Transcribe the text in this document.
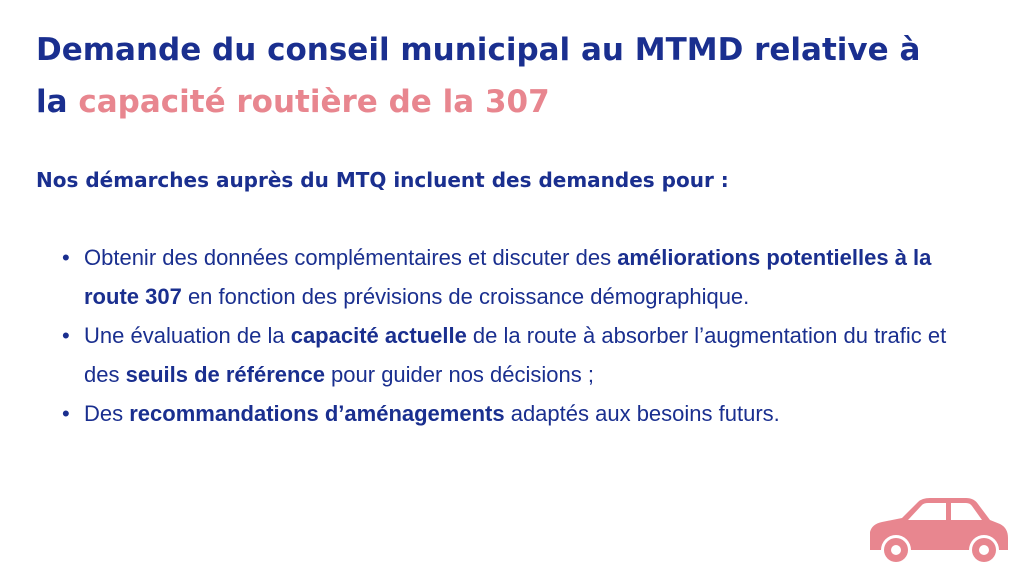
Demande du conseil municipal au MTMD relative à
la capacité routière de la 307

Nos démarches auprès du MTQ incluent des demandes pour :

• Obtenir des données complémentaires et discuter des améliorations potentielles à la route 307 en fonction des prévisions de croissance démographique.
• Une évaluation de la capacité actuelle de la route à absorber l’augmentation du trafic et des seuils de référence pour guider nos décisions ;
• Des recommandations d’aménagements adaptés aux besoins futurs.
